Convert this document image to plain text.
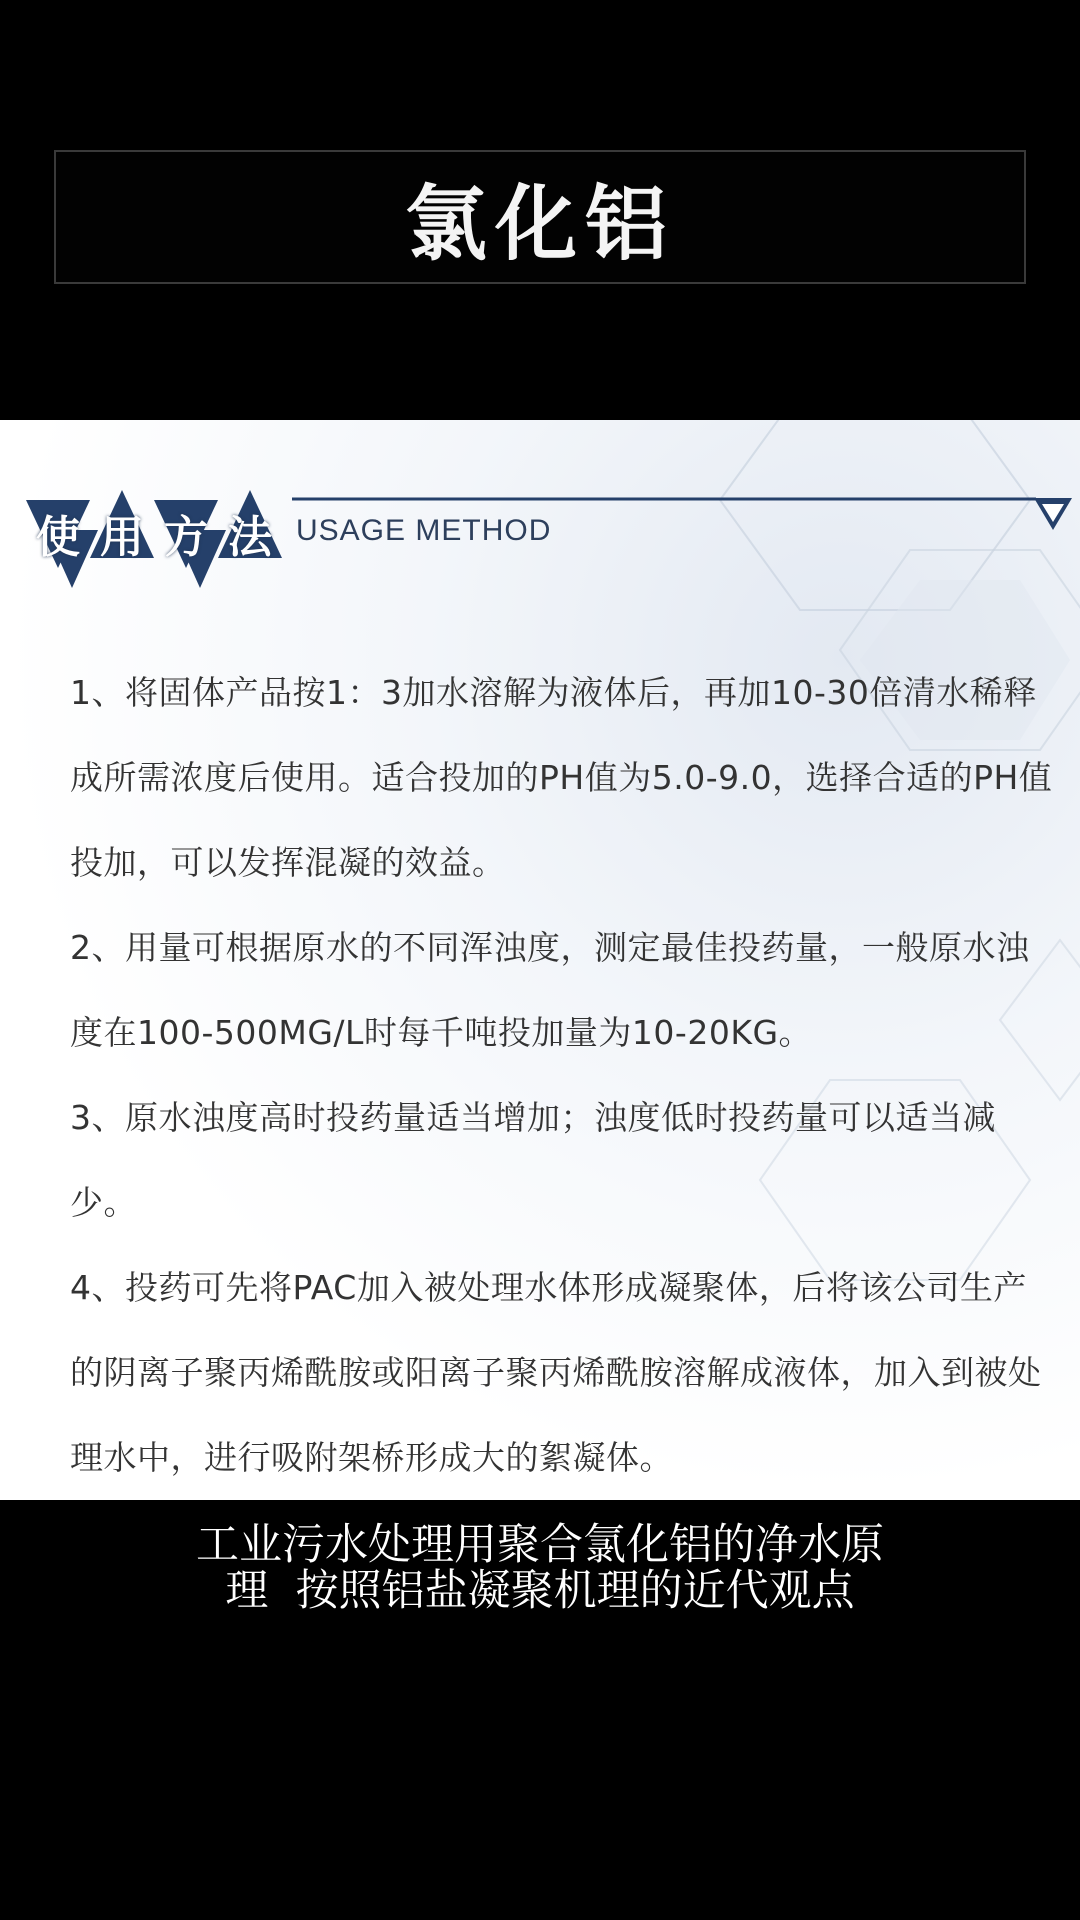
氯化铝
使 用 方 法 USAGE METHOD

1、将固体产品按1：3加水溶解为液体后，再加10-30倍清水稀释成所需浓度后使用。适合投加的PH值为5.0-9.0，选择合适的PH值投加，可以发挥混凝的效益。

2、用量可根据原水的不同浑浊度，测定最佳投药量，一般原水浊度在100-500MG/L时每千吨投加量为10-20KG。

3、原水浊度高时投药量适当增加；浊度低时投药量可以适当减少。

4、投药可先将PAC加入被处理水体形成凝聚体，后将该公司生产的阴离子聚丙烯酰胺或阳离子聚丙烯酰胺溶解成液体，加入到被处理水中，进行吸附架桥形成大的絮凝体。

工业污水处理用聚合氯化铝的净水原
理  按照铝盐凝聚机理的近代观点
